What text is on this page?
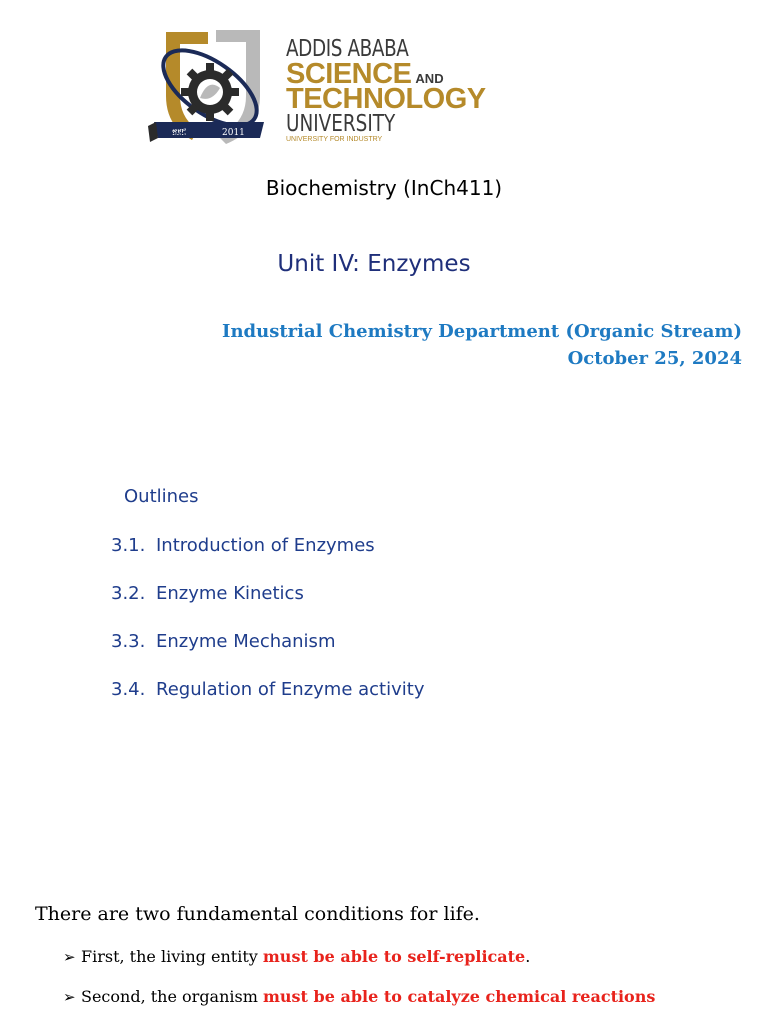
፳፻፫	2011
ADDIS ABABA
SCIENCE AND
TECHNOLOGY
UNIVERSITY
UNIVERSITY FOR INDUSTRY
Biochemistry (InCh411)
Unit IV: Enzymes
Industrial Chemistry Department (Organic Stream)
October 25, 2024
Outlines
3.1. Introduction of Enzymes
3.2. Enzyme Kinetics
3.3. Enzyme Mechanism
3.4. Regulation of Enzyme activity

There are two fundamental conditions for life.

➢ First, the living entity must be able to self-replicate.
➢ Second, the organism must be able to catalyze chemical reactions
